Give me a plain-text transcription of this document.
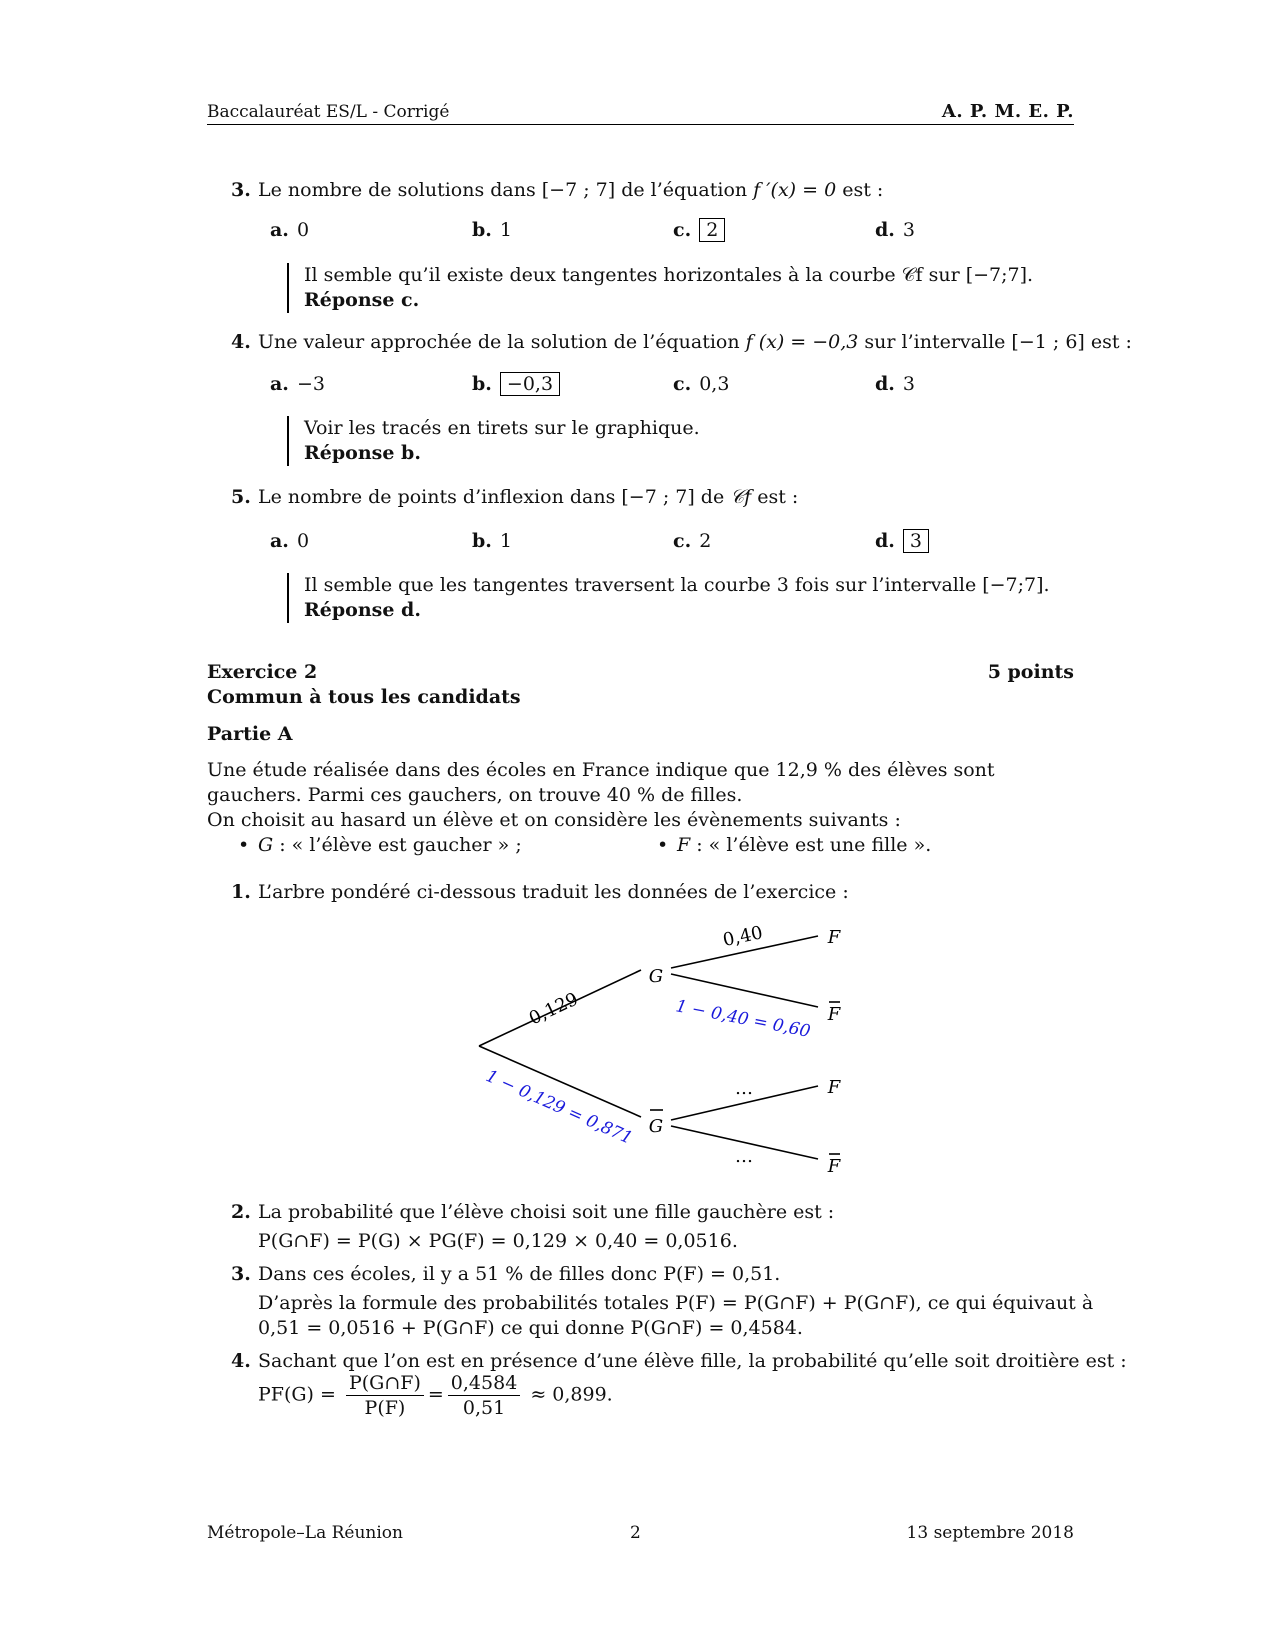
Baccalauréat ES/L - Corrigé	A. P. M. E. P.
3. Le nombre de solutions dans [−7 ; 7] de l’équation f ′(x) = 0 est :
a. 0	b. 1	c. 2	d. 3
Il semble qu’il existe deux tangentes horizontales à la courbe 𝒞f sur [−7;7].
Réponse c.
4. Une valeur approchée de la solution de l’équation f (x) = −0,3 sur l’intervalle [−1 ; 6] est :
a. −3	b. −0,3	c. 0,3	d. 3
Voir les tracés en tirets sur le graphique.
Réponse b.
5. Le nombre de points d’inflexion dans [−7 ; 7] de 𝒞f est :
a. 0	b. 1	c. 2	d. 3
Il semble que les tangentes traversent la courbe 3 fois sur l’intervalle [−7;7].
Réponse d.
Exercice 2	5 points
Commun à tous les candidats
Partie A
Une étude réalisée dans des écoles en France indique que 12,9 % des élèves sont gauchers. Parmi ces gauchers, on trouve 40 % de filles.
On choisit au hasard un élève et on considère les évènements suivants :
• G : « l’élève est gaucher » ;	• F : « l’élève est une fille ».
1. L’arbre pondéré ci-dessous traduit les données de l’exercice :
G
G
F
F
F
F
0,129
0,40
…
…
1 − 0,129 = 0,871
1 − 0,40 = 0,60
2. La probabilité que l’élève choisi soit une fille gauchère est :
P(G∩F) = P(G) × PG(F) = 0,129 × 0,40 = 0,0516.
3. Dans ces écoles, il y a 51 % de filles donc P(F) = 0,51.
D’après la formule des probabilités totales P(F) = P(G∩F) + P(G∩F), ce qui équivaut à
0,51 = 0,0516 + P(G∩F) ce qui donne P(G∩F) = 0,4584.
4. Sachant que l’on est en présence d’une élève fille, la probabilité qu’elle soit droitière est :
$PF(G) = \frac{P(G\cap F)}{P(F)} = \frac{0,4584}{0,51} \approx 0,899$.
Métropole–La Réunion	2	13 septembre 2018
